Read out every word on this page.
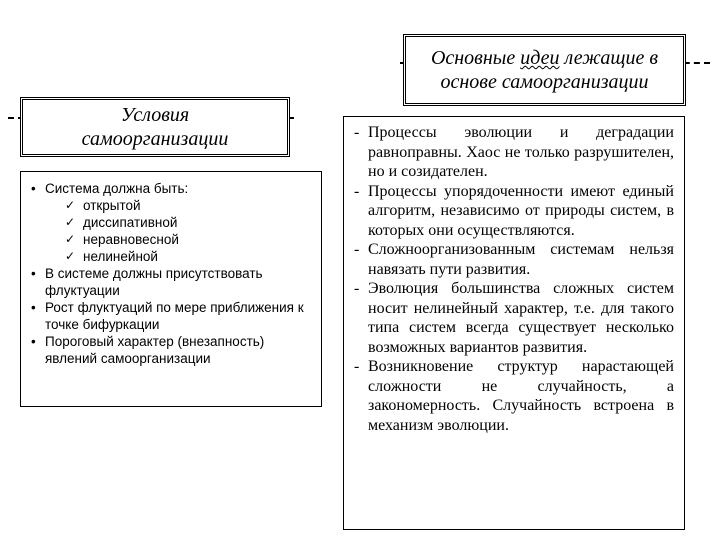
Условия
самоорганизации
• Система должна быть:
✓ открытой
✓ диссипативной
✓ неравновесной
✓ нелинейной
• В системе должны присутствовать флуктуации
• Рост флуктуаций по мере приближения к точке бифуркации
• Пороговый характер (внезапность) явлений самоорганизации
Основные идеи лежащие в
основе самоорганизации
- Процессы эволюции и деградации равноправны. Хаос не только разрушителен, но и созидателен.
- Процессы упорядоченности имеют единый алгоритм, независимо от природы систем, в которых они осуществляются.
- Сложноорганизованным системам нельзя навязать пути развития.
- Эволюция большинства сложных систем носит нелинейный характер, т.е. для такого типа систем всегда существует несколько возможных вариантов развития.
- Возникновение структур нарастающей сложности не случайность, а закономерность. Случайность встроена в механизм эволюции.
